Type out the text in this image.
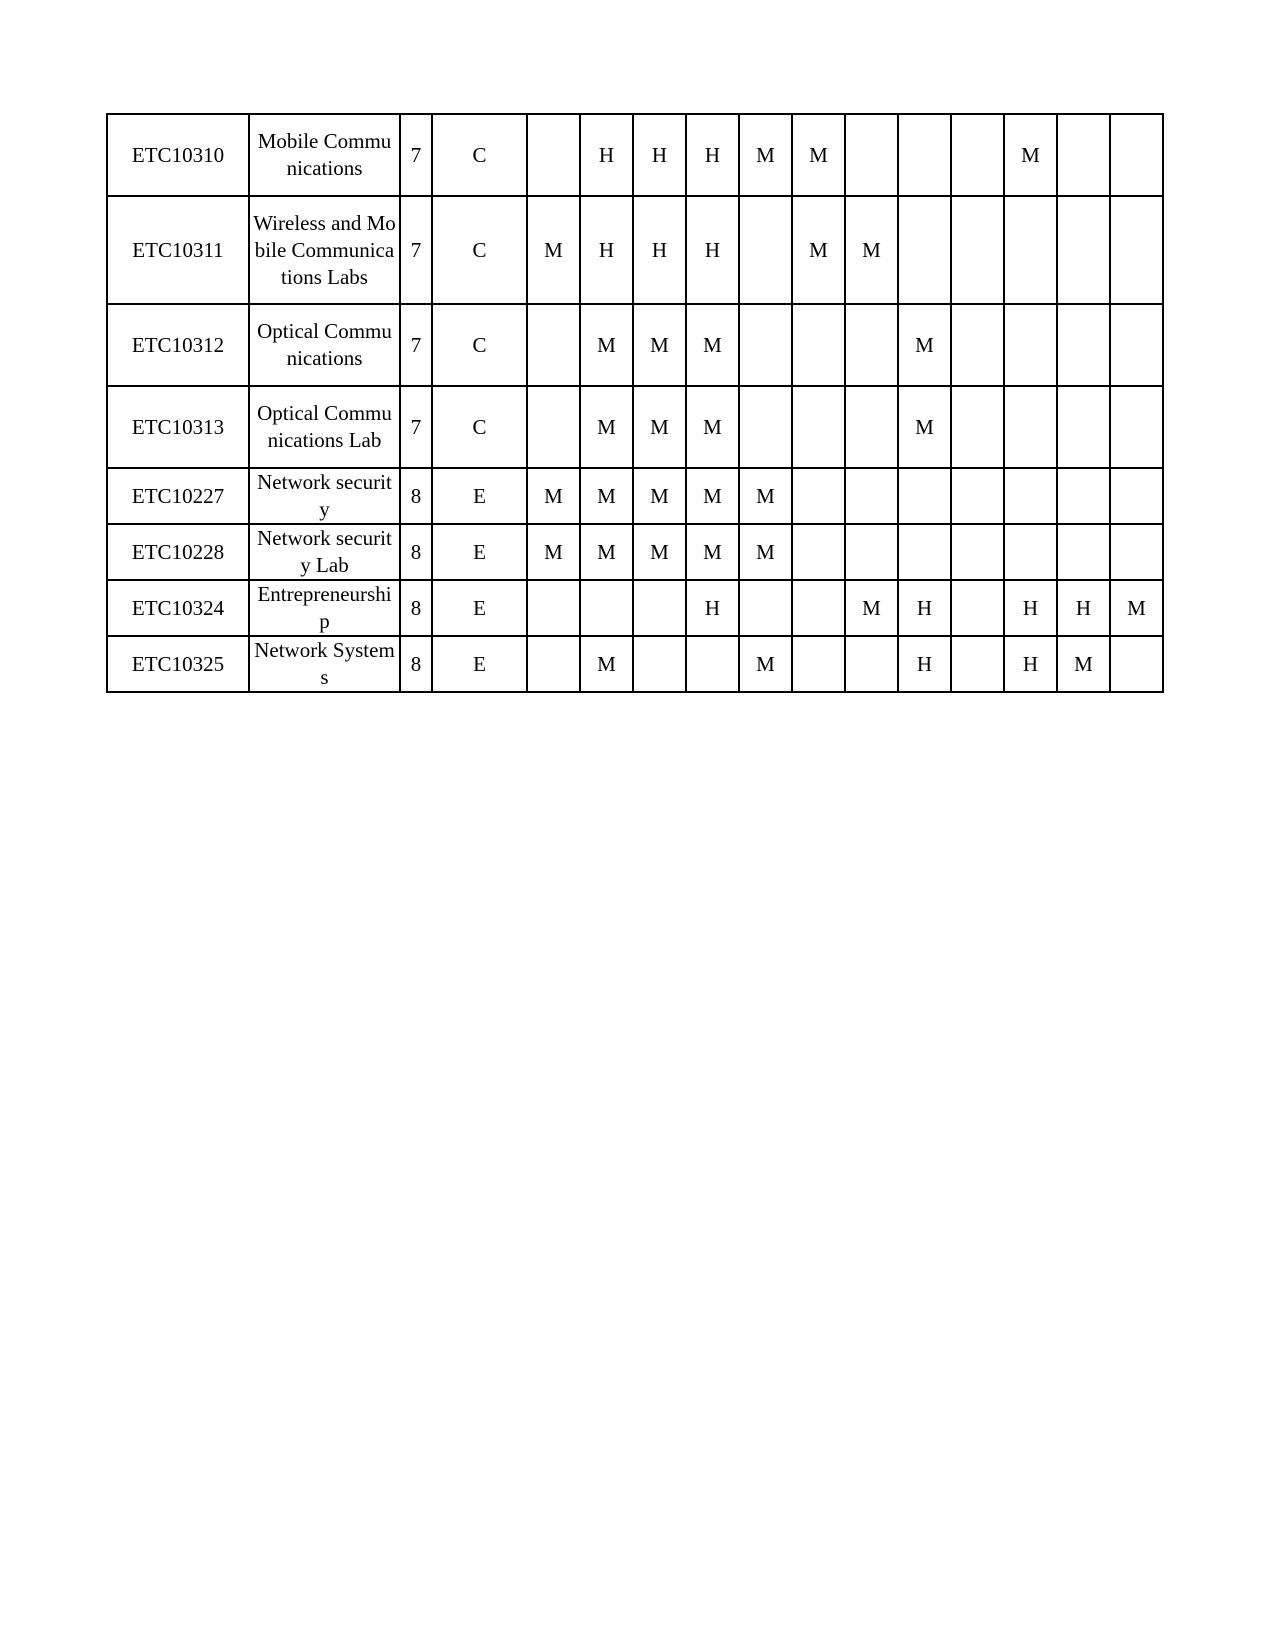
ETC10310	Mobile Communications	7	C		H	H	H	M	M				M		
ETC10311	Wireless and Mobile Communications Labs	7	C	M	H	H	H		M	M					
ETC10312	Optical Communications	7	C		M	M	M				M				
ETC10313	Optical Communications Lab	7	C		M	M	M				M				
ETC10227	Network security	8	E	M	M	M	M	M							
ETC10228	Network security Lab	8	E	M	M	M	M	M							
ETC10324	Entrepreneurship	8	E				H			M	H		H	H	M
ETC10325	Network Systems	8	E		M			M			H		H	M	
